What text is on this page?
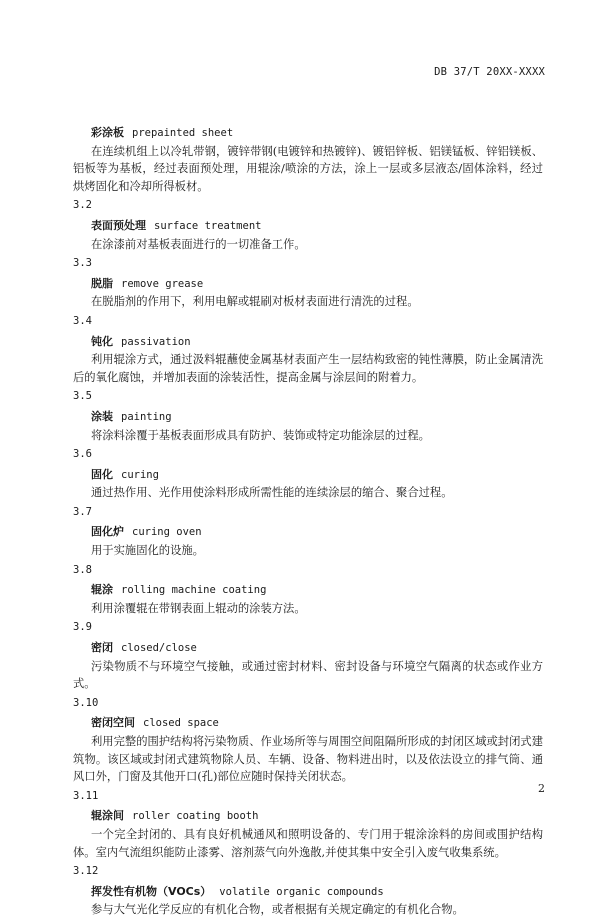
DB 37/T 20XX-XXXX
彩涂板 prepainted sheet

在连续机组上以冷轧带钢，镀锌带钢(电镀锌和热镀锌)、镀铝锌板、铝镁锰板、锌铝镁板、铝板等为基板，经过表面预处理，用辊涂/喷涂的方法，涂上一层或多层液态/固体涂料，经过烘烤固化和冷却所得板材。

3.2
表面预处理 surface treatment

在涂漆前对基板表面进行的一切准备工作。

3.3
脱脂 remove grease

在脱脂剂的作用下，利用电解或辊刷对板材表面进行清洗的过程。

3.4
钝化 passivation

利用辊涂方式，通过汲料辊蘸使金属基材表面产生一层结构致密的钝性薄膜，防止金属清洗后的氧化腐蚀，并增加表面的涂装活性，提高金属与涂层间的附着力。

3.5
涂装 painting

将涂料涂覆于基板表面形成具有防护、装饰或特定功能涂层的过程。

3.6
固化 curing

通过热作用、光作用使涂料形成所需性能的连续涂层的缩合、聚合过程。

3.7
固化炉 curing oven

用于实施固化的设施。

3.8
辊涂 rolling machine coating

利用涂覆辊在带钢表面上辊动的涂装方法。

3.9
密闭 closed/close

污染物质不与环境空气接触，或通过密封材料、密封设备与环境空气隔离的状态或作业方式。

3.10
密闭空间 closed space

利用完整的围护结构将污染物质、作业场所等与周围空间阻隔所形成的封闭区域或封闭式建筑物。该区域或封闭式建筑物除人员、车辆、设备、物料进出时，以及依法设立的排气筒、通风口外，门窗及其他开口(孔)部位应随时保持关闭状态。

3.11
辊涂间 roller coating booth

一个完全封闭的、具有良好机械通风和照明设备的、专门用于辊涂涂料的房间或围护结构体。室内气流组织能防止漆雾、溶剂蒸气向外逸散,并使其集中安全引入废气收集系统。

3.12
挥发性有机物（VOCs） volatile organic compounds

参与大气光化学反应的有机化合物，或者根据有关规定确定的有机化合物。

2
